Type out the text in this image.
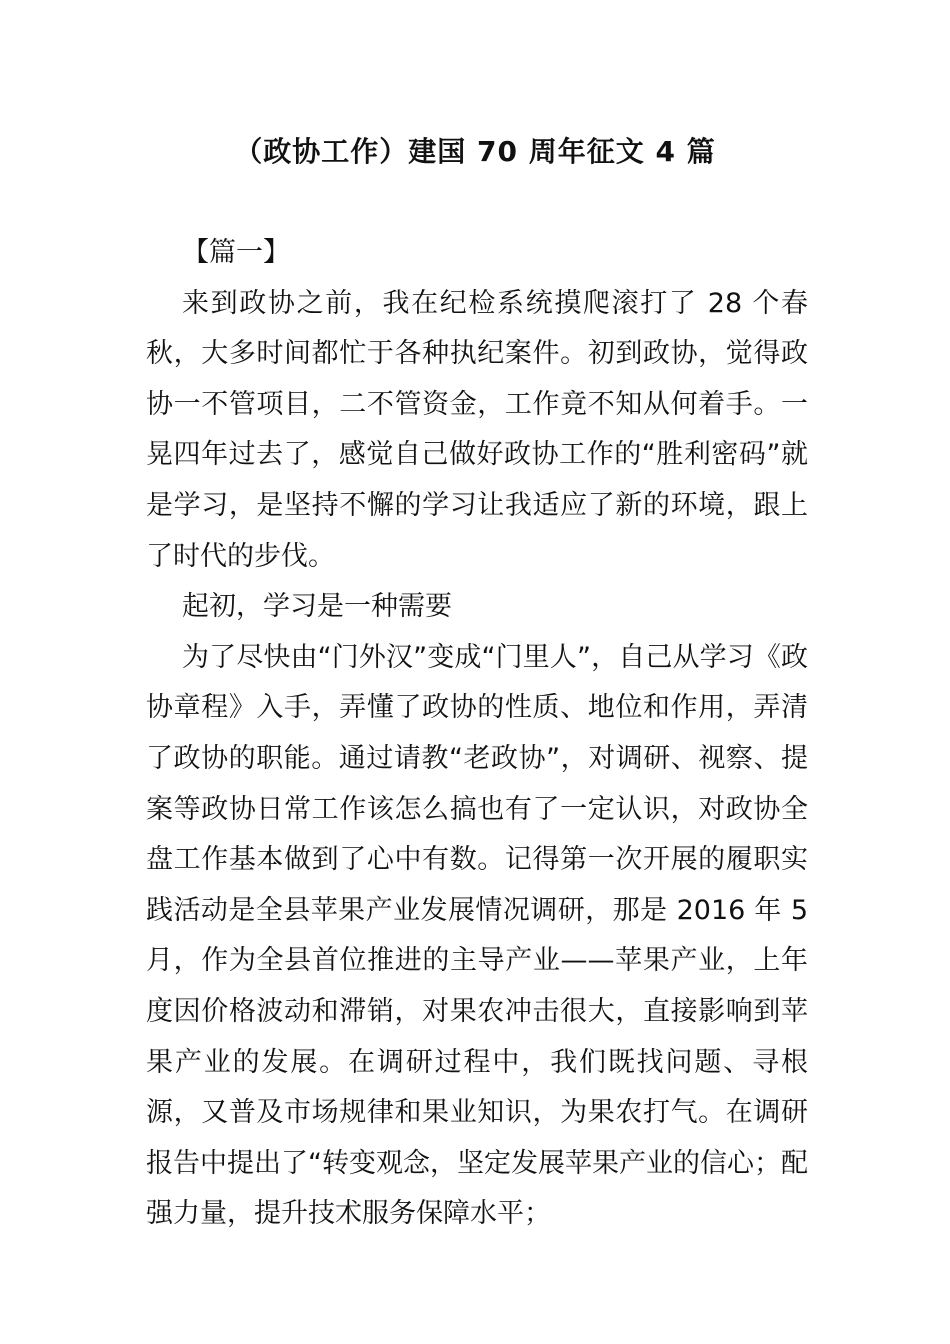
（政协工作）建国 70 周年征文 4 篇

【篇一】

来到政协之前，我在纪检系统摸爬滚打了 28 个春秋，大多时间都忙于各种执纪案件。初到政协，觉得政协一不管项目，二不管资金，工作竟不知从何着手。一晃四年过去了，感觉自己做好政协工作的“胜利密码”就是学习，是坚持不懈的学习让我适应了新的环境，跟上了时代的步伐。

起初，学习是一种需要

为了尽快由“门外汉”变成“门里人”，自己从学习《政协章程》入手，弄懂了政协的性质、地位和作用，弄清了政协的职能。通过请教“老政协”，对调研、视察、提案等政协日常工作该怎么搞也有了一定认识，对政协全盘工作基本做到了心中有数。记得第一次开展的履职实践活动是全县苹果产业发展情况调研，那是 2016 年 5 月，作为全县首位推进的主导产业——苹果产业，上年度因价格波动和滞销，对果农冲击很大，直接影响到苹果产业的发展。在调研过程中，我们既找问题、寻根源，又普及市场规律和果业知识，为果农打气。在调研报告中提出了“转变观念，坚定发展苹果产业的信心；配强力量，提升技术服务保障水平；
